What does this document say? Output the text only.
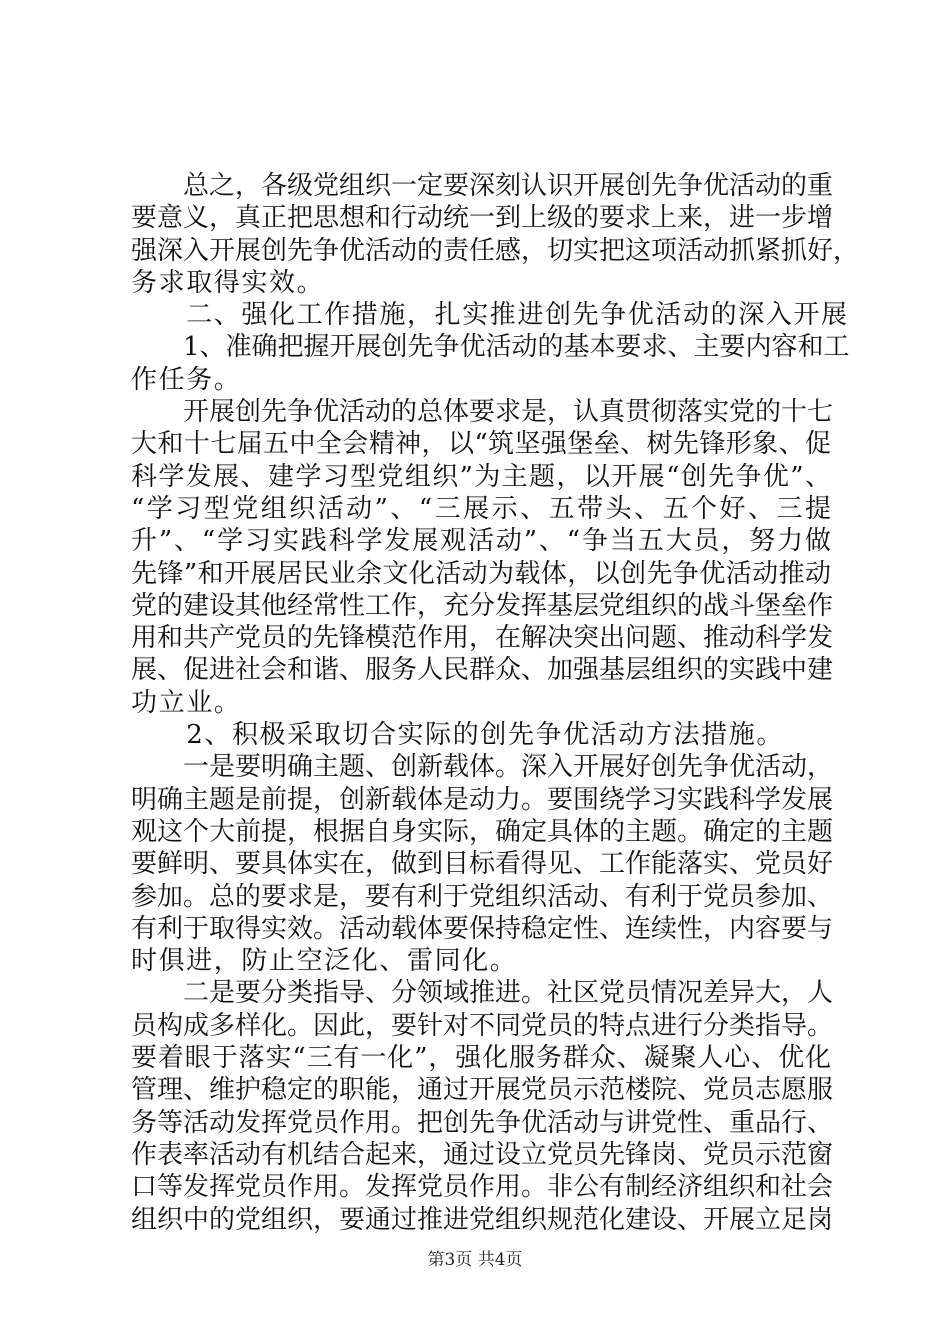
　　总之，各级党组织一定要深刻认识开展创先争优活动的重
要意义，真正把思想和行动统一到上级的要求上来，进一步增
强深入开展创先争优活动的责任感，切实把这项活动抓紧抓好，
务求取得实效。
　　二、强化工作措施，扎实推进创先争优活动的深入开展
　　1、准确把握开展创先争优活动的基本要求、主要内容和工
作任务。
　　开展创先争优活动的总体要求是，认真贯彻落实党的十七
大和十七届五中全会精神，以“筑坚强堡垒、树先锋形象、促
科学发展、建学习型党组织”为主题，以开展“创先争优”、
“学习型党组织活动”、“三展示、五带头、五个好、三提
升”、“学习实践科学发展观活动”、“争当五大员，努力做
先锋”和开展居民业余文化活动为载体，以创先争优活动推动
党的建设其他经常性工作，充分发挥基层党组织的战斗堡垒作
用和共产党员的先锋模范作用，在解决突出问题、推动科学发
展、促进社会和谐、服务人民群众、加强基层组织的实践中建
功立业。
　　2、积极采取切合实际的创先争优活动方法措施。
　　一是要明确主题、创新载体。深入开展好创先争优活动，
明确主题是前提，创新载体是动力。要围绕学习实践科学发展
观这个大前提，根据自身实际，确定具体的主题。确定的主题
要鲜明、要具体实在，做到目标看得见、工作能落实、党员好
参加。总的要求是，要有利于党组织活动、有利于党员参加、
有利于取得实效。活动载体要保持稳定性、连续性，内容要与
时俱进，防止空泛化、雷同化。
　　二是要分类指导、分领域推进。社区党员情况差异大，人
员构成多样化。因此，要针对不同党员的特点进行分类指导。
要着眼于落实“三有一化”，强化服务群众、凝聚人心、优化
管理、维护稳定的职能，通过开展党员示范楼院、党员志愿服
务等活动发挥党员作用。把创先争优活动与讲党性、重品行、
作表率活动有机结合起来，通过设立党员先锋岗、党员示范窗
口等发挥党员作用。发挥党员作用。非公有制经济组织和社会
组织中的党组织，要通过推进党组织规范化建设、开展立足岗
第3页 共4页
